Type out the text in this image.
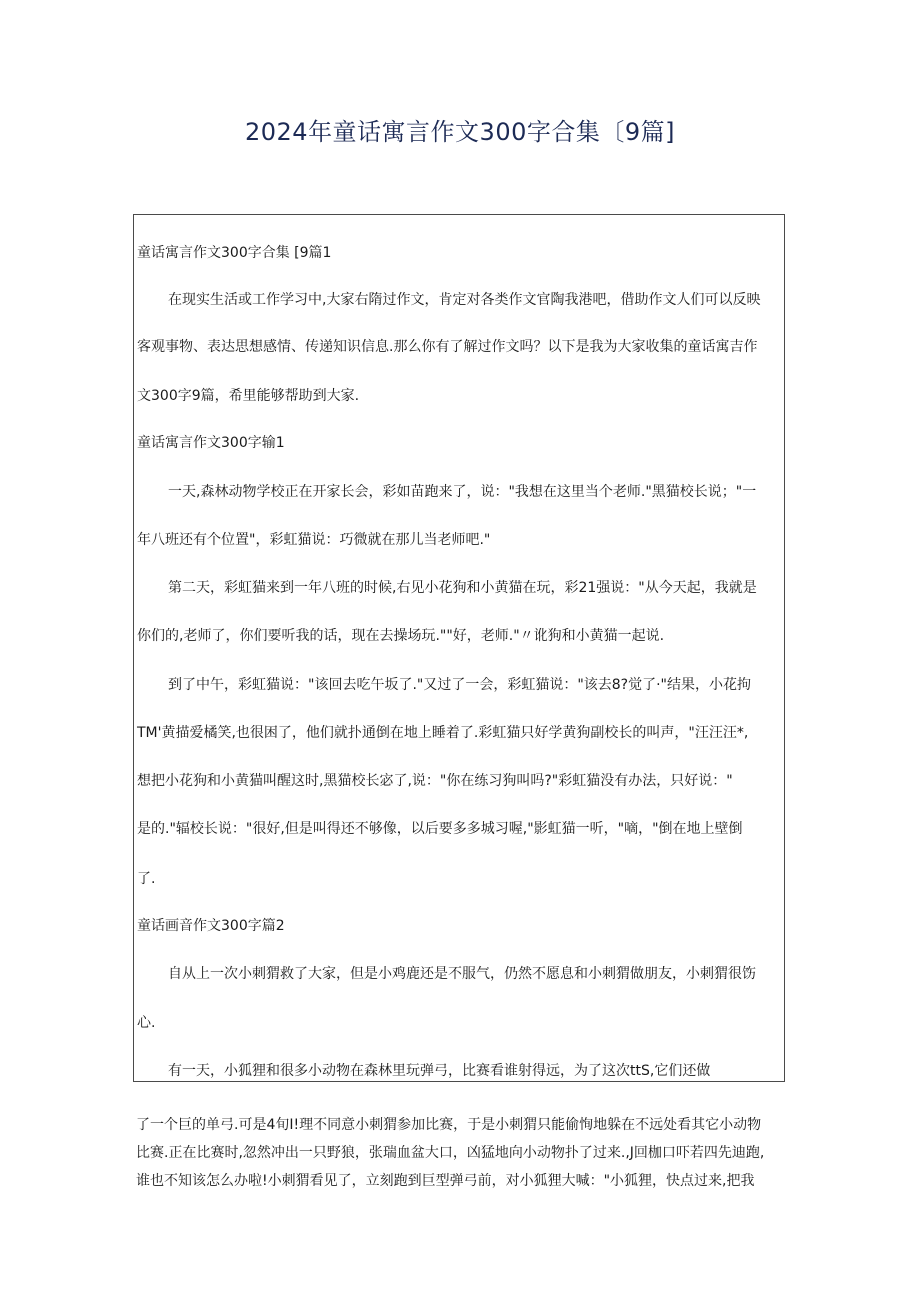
2024年童话寓言作文300字合集〔9篇]
童话寓言作文300字合集 [9篇1
在现实生活或工作学习中,大家右隋过作文，肯定对各类作文官陶我港吧，借助作文人们可以反映
客观事物、表达思想感情、传递知识信息.那么你有了解过作文吗？以下是我为大家收集的童话寓吉作
文300字9篇，希里能够帮助到大家.
童话寓言作文300字输1
一天,森林动物学校正在开家长会，彩如苗跑来了，说："我想在这里当个老师."黑猫校长说；"一
年八班还有个位置"，彩虹猫说：巧微就在那儿当老师吧."
第二天，彩虹猫来到一年八班的时候,右见小花狗和小黄猫在玩，彩21强说："从今天起，我就是
你们的,老师了，你们要听我的话，现在去操场玩.""好，老师."〃讹狗和小黄猫一起说.
到了中午，彩虹猫说："该回去吃午坂了."又过了一会，彩虹猫说："该去8?觉了·"结果，小花拘
TM'黄描爱橘笑,也很困了，他们就扑通倒在地上睡着了.彩虹猫只好学黄狗副校长的叫声，"汪汪汪*,
想把小花狗和小黄猫叫醒这时,黑猫校长宓了,说："你在练习狗叫吗?"彩虹猫没有办法，只好说："
是的."辐校长说："很好,但是叫得还不够像，以后要多多城习喔,"影虹猫一听，"嘀，"倒在地上壁倒
了.
童话画音作文300字篇2
自从上一次小刺猬救了大家，但是小鸡鹿还是不服气，仍然不愿息和小刺猬做朋友，小刺猬很饬
心.
有一天，小狐狸和很多小动物在森林里玩弹弓，比赛看谁射得远，为了这次ttS,它们还做
了一个巨的单弓.可是4旬I!理不同意小刺猬参加比赛，于是小刺猬只能偷恂地躲在不远处看其它小动物
比赛.正在比赛时,忽然冲出一只野狼，张瑞血盆大口，凶猛地向小动物扑了过来.,J回枷口吓若四先迪跑,
谁也不知该怎么办啦!小刺猬看见了，立刻跑到巨型弹弓前，对小狐狸大喊："小狐狸，快点过来,把我
